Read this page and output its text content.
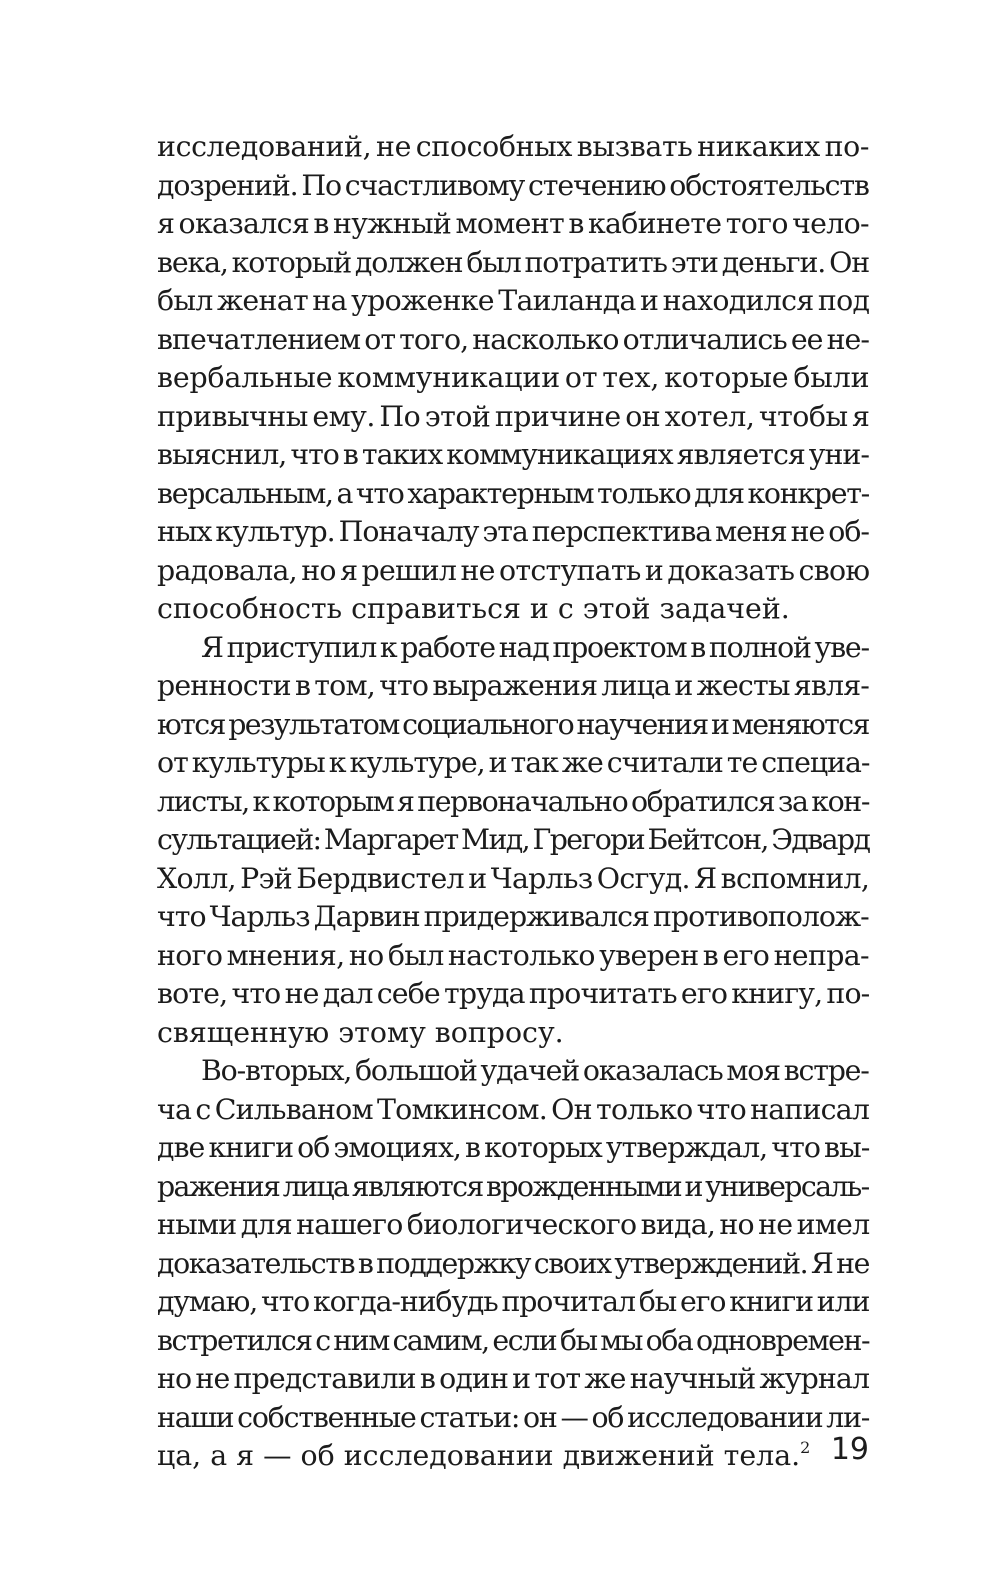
исследований, не способных вызвать никаких по-
дозрений. По счастливому стечению обстоятельств
я оказался в нужный момент в кабинете того чело-
века, который должен был потратить эти деньги. Он
был женат на уроженке Таиланда и находился под
впечатлением от того, насколько отличались ее не-
вербальные коммуникации от тех, которые были
привычны ему. По этой причине он хотел, чтобы я
выяснил, что в таких коммуникациях является уни-
версальным, а что характерным только для конкрет-
ных культур. Поначалу эта перспектива меня не об-
радовала, но я решил не отступать и доказать свою
способность справиться и с этой задачей.
Я приступил к работе над проектом в полной уве-
ренности в том, что выражения лица и жесты явля-
ются результатом социального научения и меняются
от культуры к культуре, и так же считали те специа-
листы, к которым я первоначально обратился за кон-
сультацией: Маргарет Мид, Грегори Бейтсон, Эдвард
Холл, Рэй Бердвистел и Чарльз Осгуд. Я вспомнил,
что Чарльз Дарвин придерживался противополож-
ного мнения, но был настолько уверен в его непра-
воте, что не дал себе труда прочитать его книгу, по-
священную этому вопросу.
Во-вторых, большой удачей оказалась моя встре-
ча с Сильваном Томкинсом. Он только что написал
две книги об эмоциях, в которых утверждал, что вы-
ражения лица являются врожденными и универсаль-
ными для нашего биологического вида, но не имел
доказательств в поддержку своих утверждений. Я не
думаю, что когда-нибудь прочитал бы его книги или
встретился с ним самим, если бы мы оба одновремен-
но не представили в один и тот же научный журнал
наши собственные статьи: он — об исследовании ли-
ца, а я — об исследовании движений тела.$^2$ 19
